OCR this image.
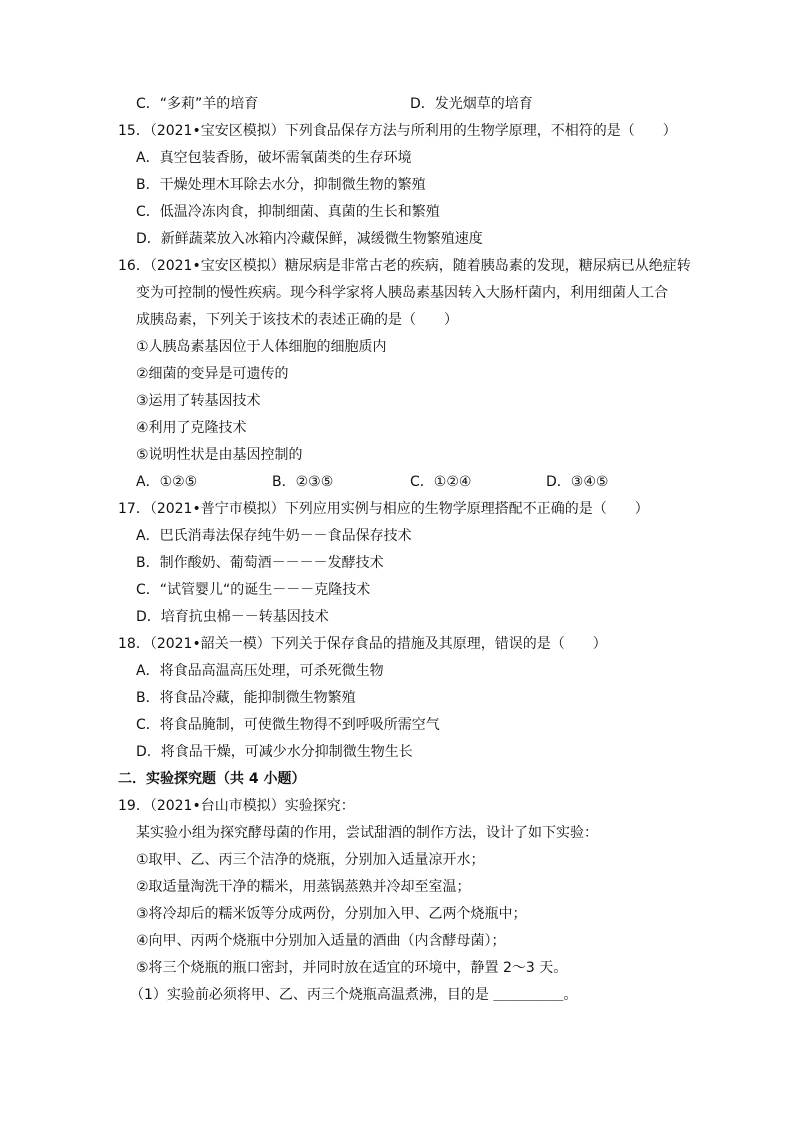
C．“多莉”羊的培育	D．发光烟草的培育
15．（2021•宝安区模拟）下列食品保存方法与所利用的生物学原理，不相符的是（　　）
A．真空包装香肠，破坏需氧菌类的生存环境
B．干燥处理木耳除去水分，抑制微生物的繁殖
C．低温冷冻肉食，抑制细菌、真菌的生长和繁殖
D．新鲜蔬菜放入冰箱内冷藏保鲜，减缓微生物繁殖速度
16．（2021•宝安区模拟）糖尿病是非常古老的疾病，随着胰岛素的发现，糖尿病已从绝症转
变为可控制的慢性疾病。现今科学家将人胰岛素基因转入大肠杆菌内，利用细菌人工合
成胰岛素，下列关于该技术的表述正确的是（　　）
①人胰岛素基因位于人体细胞的细胞质内
②细菌的变异是可遗传的
③运用了转基因技术
④利用了克隆技术
⑤说明性状是由基因控制的
A．①②⑤	B．②③⑤	C．①②④	D．③④⑤
17．（2021•普宁市模拟）下列应用实例与相应的生物学原理搭配不正确的是（　　）
A．巴氏消毒法保存纯牛奶－－食品保存技术
B．制作酸奶、葡萄酒－－－－发酵技术
C．“试管婴儿“的诞生－－－克隆技术
D．培育抗虫棉－－转基因技术
18．（2021•韶关一模）下列关于保存食品的措施及其原理，错误的是（　　）
A．将食品高温高压处理，可杀死微生物
B．将食品冷藏，能抑制微生物繁殖
C．将食品腌制，可使微生物得不到呼吸所需空气
D．将食品干燥，可减少水分抑制微生物生长
二．实验探究题（共 4 小题）
19．（2021•台山市模拟）实验探究：
某实验小组为探究酵母菌的作用，尝试甜酒的制作方法，设计了如下实验：
①取甲、乙、丙三个洁净的烧瓶，分别加入适量凉开水；
②取适量淘洗干净的糯米，用蒸锅蒸熟并冷却至室温；
③将冷却后的糯米饭等分成两份，分别加入甲、乙两个烧瓶中；
④向甲、丙两个烧瓶中分别加入适量的酒曲（内含酵母菌）；
⑤将三个烧瓶的瓶口密封，并同时放在适宜的环境中，静置 2～3 天。
（1）实验前必须将甲、乙、丙三个烧瓶高温煮沸，目的是 ＿＿＿＿＿。
